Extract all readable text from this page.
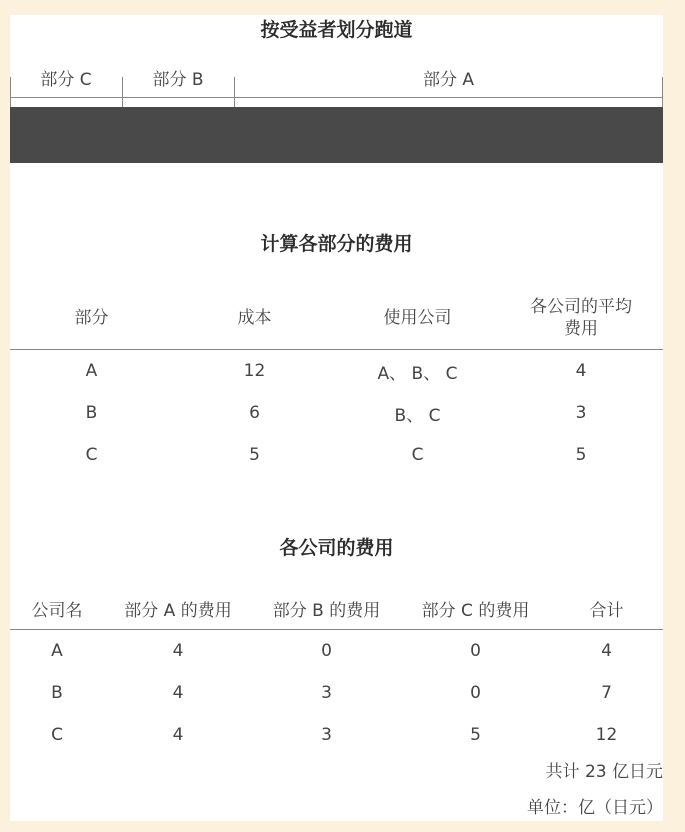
按受益者划分跑道
部分 C	部分 B	部分 A
计算各部分的费用
部分	成本	使用公司	各公司的平均
费用
A	12	A、 B、 C	4
B	6	B、 C	3
C	5	C	5
各公司的费用
公司名	部分 A 的费用	部分 B 的费用	部分 C 的费用	合计
A	4	0	0	4
B	4	3	0	7
C	4	3	5	12
共计 23 亿日元
单位：亿（日元）
